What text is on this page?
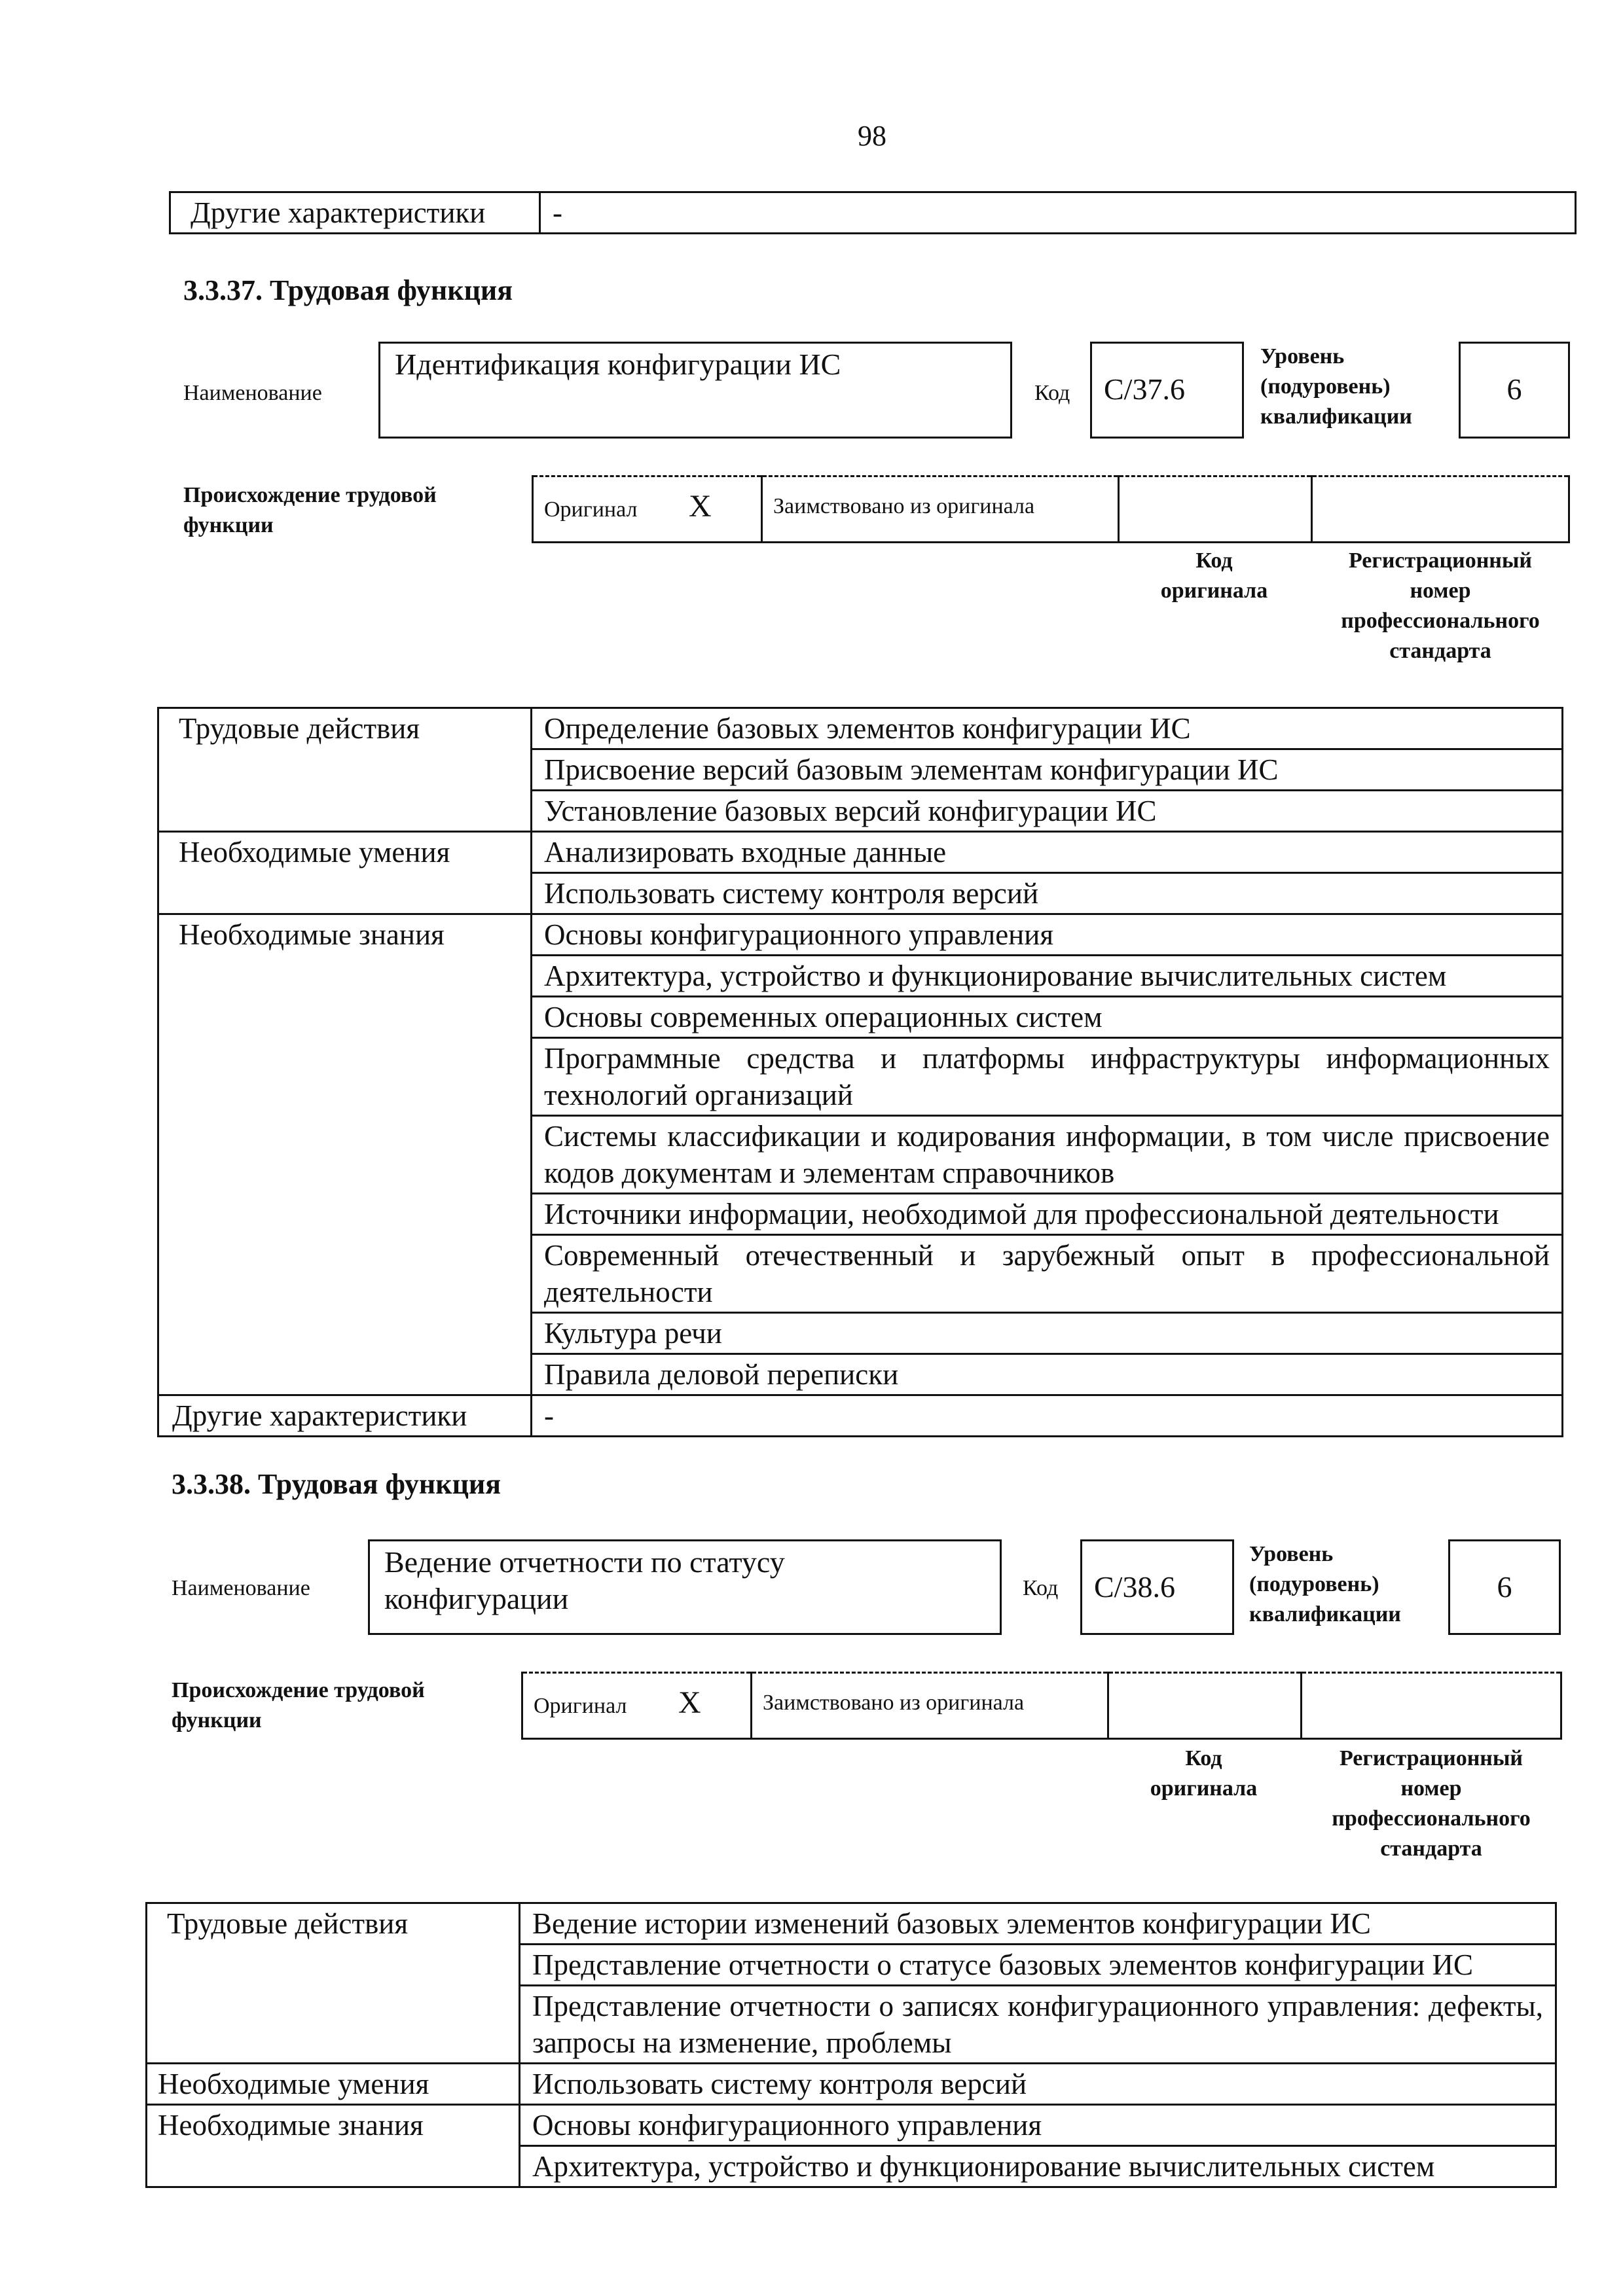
98
Другие характеристики	-
3.3.37. Трудовая функция
Наименование
Идентификация конфигурации ИС
Код C/37.6
Уровень
(подуровень)
квалификации
6
Происхождение трудовой
функции
Оригинал X	Заимствовано из оригинала		
Код
оригинала
Регистрационный
номер
профессионального
стандарта
Трудовые действия	Определение базовых элементов конфигурации ИС
	Присвоение версий базовым элементам конфигурации ИС
	Установление базовых версий конфигурации ИС
Необходимые умения	Анализировать входные данные
	Использовать систему контроля версий
Необходимые знания	Основы конфигурационного управления
	Архитектура, устройство и функционирование вычислительных систем
	Основы современных операционных систем
	Программные средства и платформы инфраструктуры информационных технологий организаций
	Системы классификации и кодирования информации, в том числе присвоение кодов документам и элементам справочников
	Источники информации, необходимой для профессиональной деятельности
	Современный отечественный и зарубежный опыт в профессиональной деятельности
	Культура речи
	Правила деловой переписки
Другие характеристики	-
3.3.38. Трудовая функция
Наименование
Ведение отчетности по статусу конфигурации	Код C/38.6
Уровень
(подуровень)
квалификации
6
Происхождение трудовой
функции
Оригинал X	Заимствовано из оригинала		
Код
оригинала
Регистрационный
номер
профессионального
стандарта
Трудовые действия	Ведение истории изменений базовых элементов конфигурации ИС
	Представление отчетности о статусе базовых элементов конфигурации ИС
	Представление отчетности о записях конфигурационного управления: дефекты, запросы на изменение, проблемы
Необходимые умения	Использовать систему контроля версий
Необходимые знания	Основы конфигурационного управления
	Архитектура, устройство и функционирование вычислительных систем
